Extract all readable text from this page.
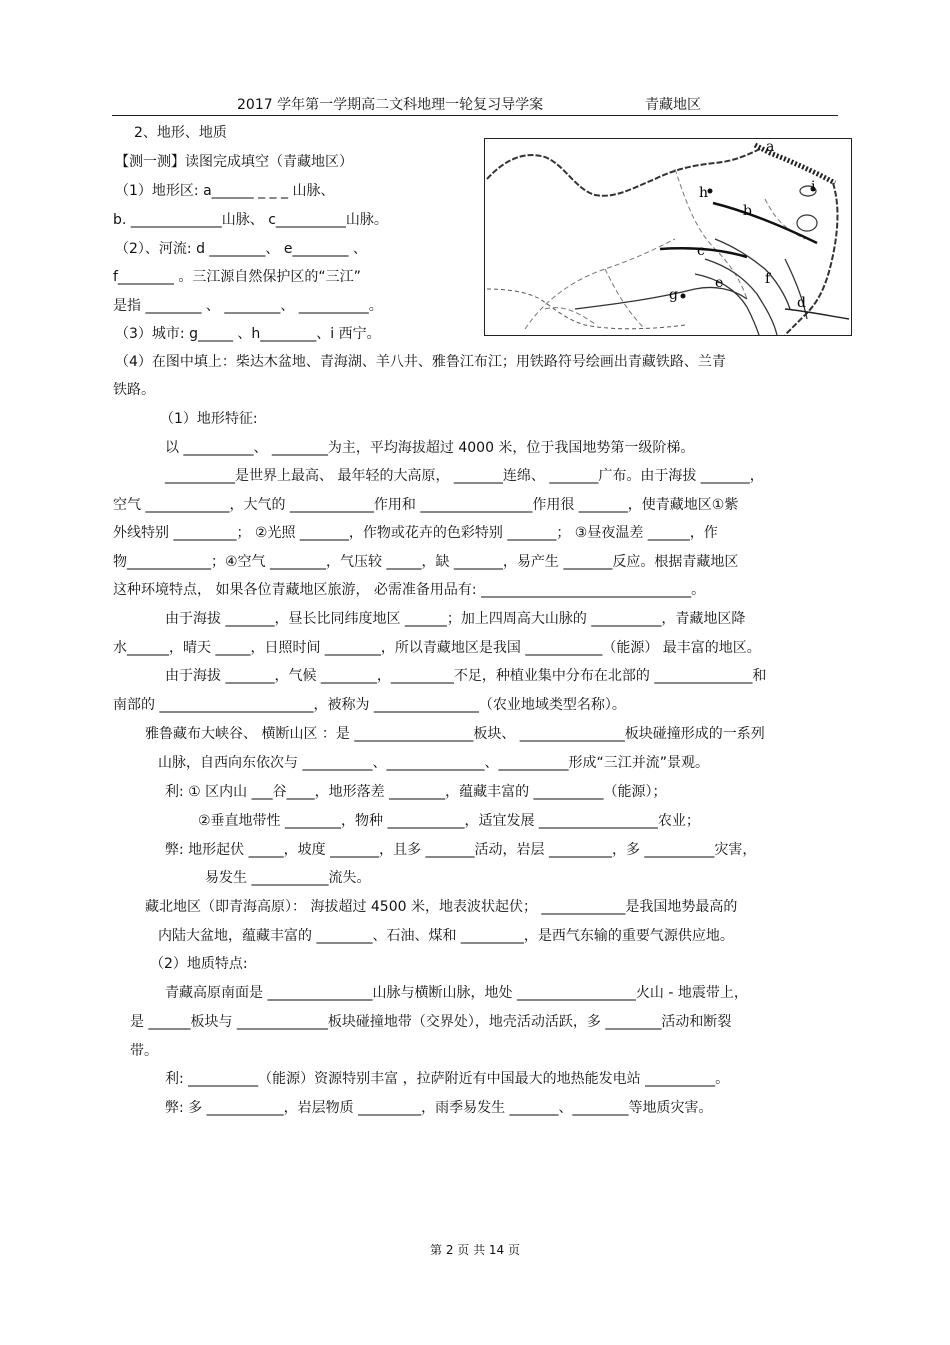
2017 学年第一学期高二文科地理一轮复习导学案	青藏地区
2、地形、地质
【测一测】读图完成填空（青藏地区）
（1）地形区: a______ _ _ _ 山脉、
b. _____________山脉、 c__________山脉。
（2）、河流: d ________、 e________ 、
f________ 。三江源自然保护区的“三江”
是指 ________ 、 ________、 __________。
（3）城市: g_____ 、h________、i 西宁。
（4）在图中填上：柴达木盆地、青海湖、羊八井、雅鲁江布江；用铁路符号绘画出青藏铁路、兰青
铁路。
（1）地形特征:
以 __________、 ________为主，平均海拔超过 4000 米，位于我国地势第一级阶梯。
__________是世界上最高、 最年轻的大高原， _______连绵、 _______广布。由于海拔 _______，
空气 ____________，大气的 ____________作用和 ________________作用很 _______，使青藏地区①紫
外线特别 _________； ②光照 _______，作物或花卉的色彩特别 _______； ③昼夜温差 ______，作
物____________；④空气 ________，气压较 _____，缺 _______，易产生 _______反应。根据青藏地区
这种环境特点， 如果各位青藏地区旅游， 必需准备用品有: ______________________________。
由于海拔 _______，昼长比同纬度地区 ______；加上四周高大山脉的 __________，青藏地区降
水______，晴天 _____，日照时间 ________，所以青藏地区是我国 ___________（能源） 最丰富的地区。
由于海拔 _______，气候 ________，_________不足，种植业集中分布在北部的 ______________和
南部的 ______________________，被称为 _______________（农业地域类型名称）。
雅鲁藏布大峡谷、 横断山区 ：是 _________________板块、 _______________板块碰撞形成的一系列
山脉，自西向东依次与 __________、______________、__________形成“三江并流”景观。
利: ① 区内山 ___谷____，地形落差 ________，蕴藏丰富的 __________（能源）；
②垂直地带性 ________，物种 ___________，适宜发展 _________________农业；
弊: 地形起伏 _____，坡度 _______，且多 _______活动，岩层 _________，多 __________灾害，
易发生 ___________流失。
藏北地区（即青海高原）： 海拔超过 4500 米，地表波状起伏； ____________是我国地势最高的
内陆大盆地，蕴藏丰富的 ________、石油、煤和 _________，是西气东输的重要气源供应地。
（2）地质特点:
青藏高原南面是 _______________山脉与横断山脉，地处 _________________火山 - 地震带上，
是 ______板块与 _____________板块碰撞地带（交界处），地壳活动活跃，多 ________活动和断裂
带。
利: __________（能源）资源特别丰富 ，拉萨附近有中国最大的地热能发电站 __________。
弊: 多 ___________，岩层物质 _________，雨季易发生 _______、________等地质灾害。
a
h
b
c
i
f
e
g	d
第 2 页 共 14 页
